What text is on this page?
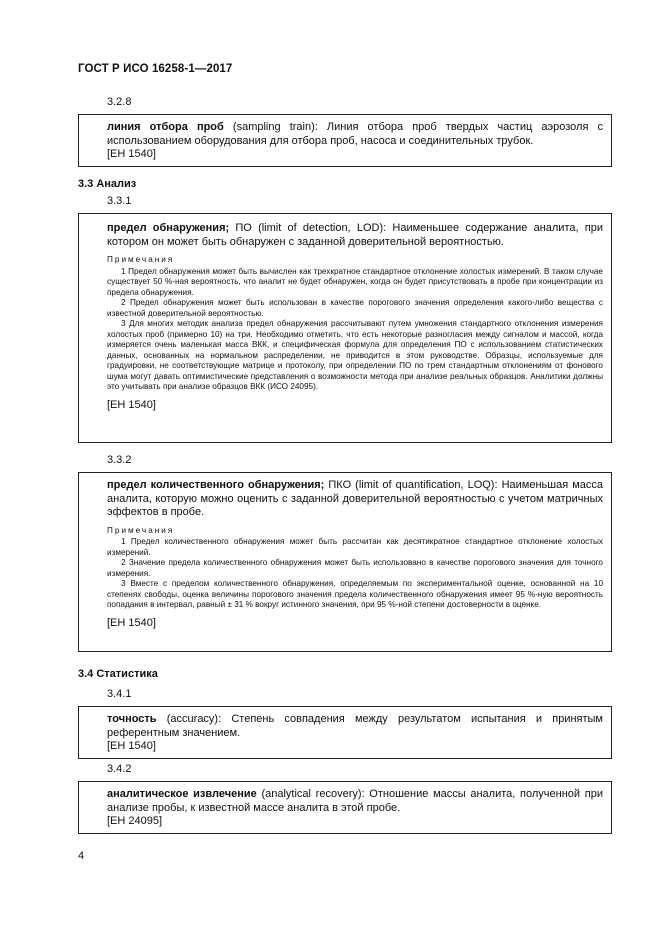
ГОСТ Р ИСО 16258-1—2017
3.2.8

линия отбора проб (sampling train): Линия отбора проб твердых частиц аэрозоля с использованием оборудования для отбора проб, насоса и соединительных трубок.

[ЕН 1540]

3.3 Анализ
3.3.1

предел обнаружения; ПО (limit of detection, LOD): Наименьшее содержание аналита, при котором он может быть обнаружен с заданной доверительной вероятностью.

Примечания

1 Предел обнаружения может быть вычислен как трехкратное стандартное отклонение холостых измерений. В таком случае существует 50 %-ная вероятность, что аналит не будет обнаружен, когда он будет присутствовать в пробе при концентрации из предела обнаружения.

2 Предел обнаружения может быть использован в качестве порогового значения определения какого-либо вещества с известной доверительной вероятностью.

3 Для многих методик анализа предел обнаружения рассчитывают путем умножения стандартного отклонения измерения холостых проб (примерно 10) на три. Необходимо отметить, что есть некоторые разногласия между сигналом и массой, когда измеряется очень маленькая масса ВКК, и специфическая формула для определения ПО с использованием статистических данных, основанных на нормальном распределении, не приводится в этом руководстве. Образцы, используемые для градуировки, не соответствующие матрице и протоколу, при определении ПО по трем стандартным отклонениям от фонового шума могут давать оптимистические представления о возможности метода при анализе реальных образцов. Аналитики должны это учитывать при анализе образцов ВКК (ИСО 24095).

[ЕН 1540]

3.3.2

предел количественного обнаружения; ПКО (limit of quantification, LOQ): Наименьшая масса аналита, которую можно оценить с заданной доверительной вероятностью с учетом матричных эффектов в пробе.

Примечания

1 Предел количественного обнаружения может быть рассчитан как десятикратное стандартное отклонение холостых измерений.

2 Значение предела количественного обнаружения может быть использовано в качестве порогового значения для точного измерения.

3 Вместе с пределом количественного обнаружения, определяемым по экспериментальной оценке, основанной на 10 степенях свободы, оценка величины порогового значения предела количественного обнаружения имеет 95 %-ную вероятность попадания в интервал, равный ± 31 % вокруг истинного значения, при 95 %-ной степени достоверности в оценке.

[ЕН 1540]

3.4 Статистика
3.4.1

точность (accuracy): Степень совпадения между результатом испытания и принятым референтным значением.

[ЕН 1540]

3.4.2

аналитическое извлечение (analytical recovery): Отношение массы аналита, полученной при анализе пробы, к известной массе аналита в этой пробе.

[ЕН 24095]

4
